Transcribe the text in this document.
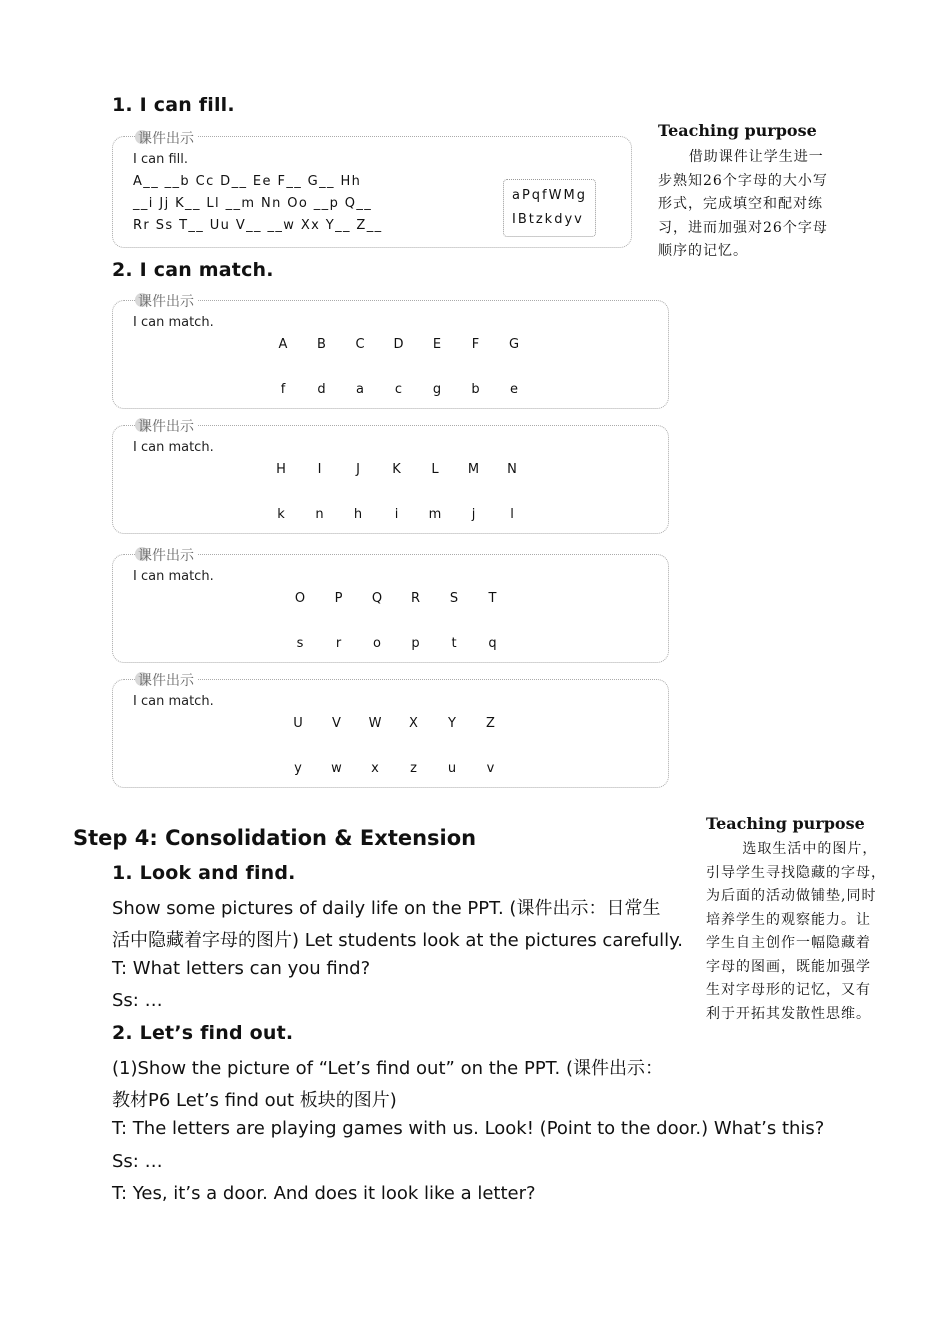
1. I can fill.
课件出示
I can fill.
A__ __b Cc D__ Ee F__ G__ Hh
__i Jj K__ Ll __m Nn Oo __p Q__
Rr Ss T__ Uu V__ __w Xx Y__ Z__
aPqfWMg
IBtzkdyv
Teaching purpose
借助课件让学生进一
步熟知26个字母的大小写
形式，完成填空和配对练
习，进而加强对26个字母
顺序的记忆。
2. I can match.
课件出示
I can match.
A	B	C	D	E	F	G
f	d	a	c	g	b	e
课件出示
I can match.
H	I	J	K	L	M	N
k	n	h	i	m	j	l
课件出示
I can match.
O	P	Q	R	S	T
s	r	o	p	t	q
课件出示
I can match.
U	V	W	X	Y	Z
y	w	x	z	u	v
Step 4: Consolidation & Extension
1. Look and find.
Show some pictures of daily life on the PPT. (课件出示：日常生
活中隐藏着字母的图片) Let students look at the pictures carefully.
T: What letters can you find?
Ss: …
2. Let’s find out.
(1)Show the picture of “Let’s find out” on the PPT. (课件出示：
教材P6 Let’s find out 板块的图片)
T: The letters are playing games with us. Look! (Point to the door.) What’s this?
Ss: …
T: Yes, it’s a door. And does it look like a letter?
Teaching purpose
选取生活中的图片，
引导学生寻找隐藏的字母，
为后面的活动做铺垫,同时
培养学生的观察能力。让
学生自主创作一幅隐藏着
字母的图画，既能加强学
生对字母形的记忆，又有
利于开拓其发散性思维。
